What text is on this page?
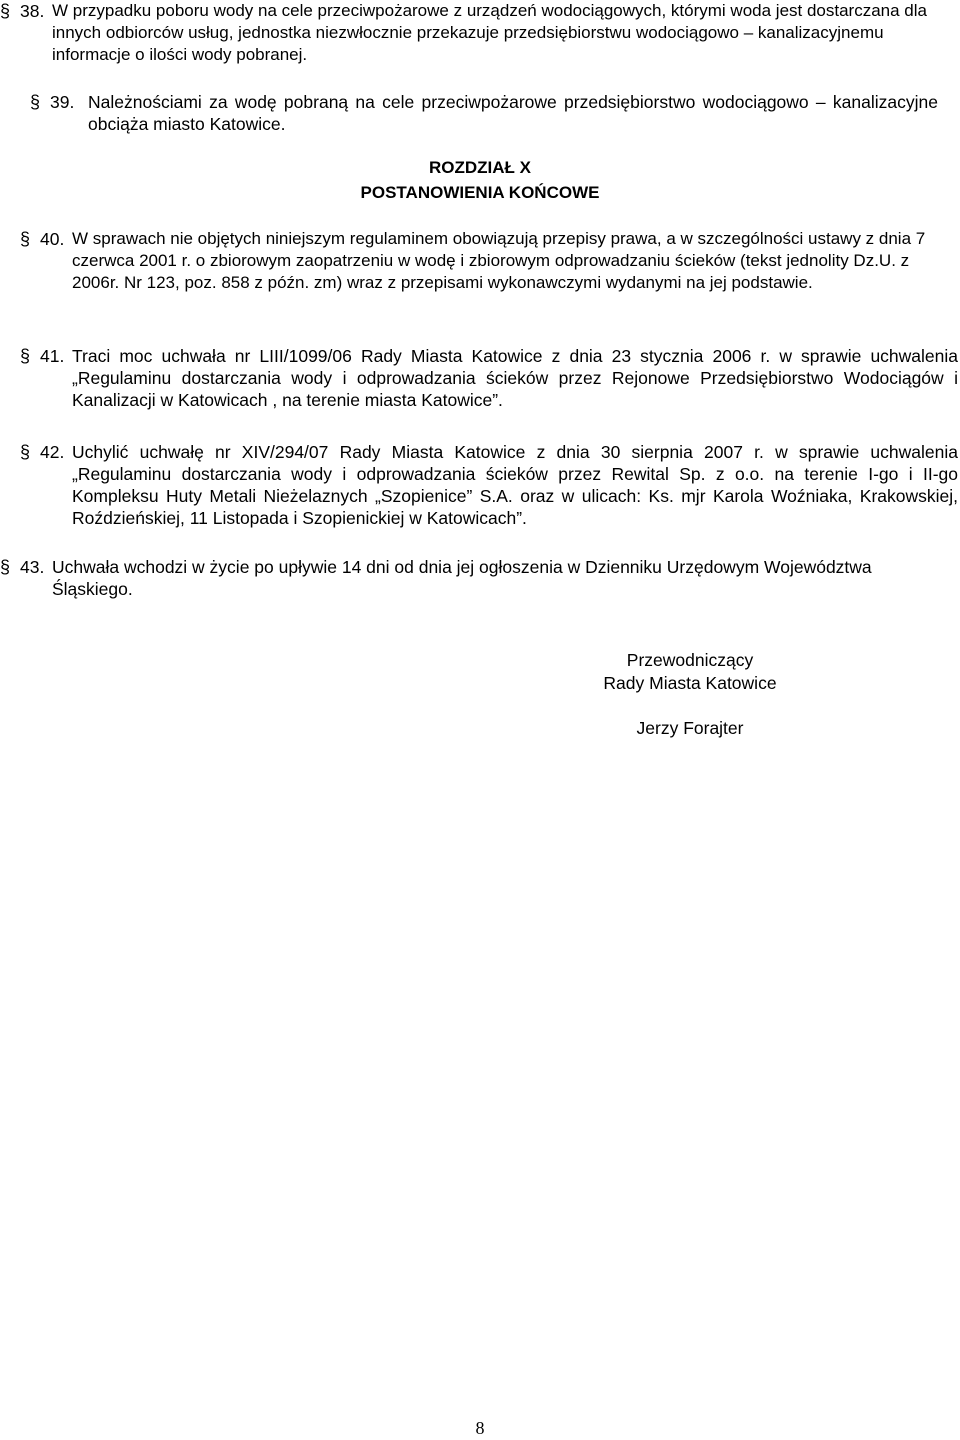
§ 38. W przypadku poboru wody na cele przeciwpożarowe z urządzeń wodociągowych, którymi woda jest dostarczana dla innych odbiorców usług, jednostka niezwłocznie przekazuje przedsiębiorstwu wodociągowo – kanalizacyjnemu informacje o ilości wody pobranej.
§ 39. Należnościami za wodę pobraną na cele przeciwpożarowe przedsiębiorstwo wodociągowo – kanalizacyjne obciąża miasto Katowice.
ROZDZIAŁ X
POSTANOWIENIA KOŃCOWE
§ 40. W sprawach nie objętych niniejszym regulaminem obowiązują przepisy prawa, a w szczególności ustawy z dnia 7 czerwca 2001 r. o zbiorowym zaopatrzeniu w wodę i zbiorowym odprowadzaniu ścieków (tekst jednolity Dz.U. z 2006r. Nr 123, poz. 858 z późn. zm) wraz z przepisami wykonawczymi wydanymi na jej podstawie.
§ 41. Traci moc uchwała nr LIII/1099/06 Rady Miasta Katowice z dnia 23 stycznia 2006 r. w sprawie uchwalenia „Regulaminu dostarczania wody i odprowadzania ścieków przez Rejonowe Przedsiębiorstwo Wodociągów i Kanalizacji w Katowicach , na terenie miasta Katowice”.
§ 42. Uchylić uchwałę nr XIV/294/07 Rady Miasta Katowice z dnia 30 sierpnia 2007 r. w sprawie uchwalenia „Regulaminu dostarczania wody i odprowadzania ścieków przez Rewital Sp. z o.o. na terenie I-go i II-go Kompleksu Huty Metali Nieżelaznych „Szopienice” S.A. oraz w ulicach: Ks. mjr Karola Woźniaka, Krakowskiej, Roździeńskiej, 11 Listopada i Szopienickiej w Katowicach”.
§ 43. Uchwała wchodzi w życie po upływie 14 dni od dnia jej ogłoszenia w Dzienniku Urzędowym Województwa Śląskiego.
Przewodniczący
Rady Miasta Katowice
Jerzy Forajter
8
